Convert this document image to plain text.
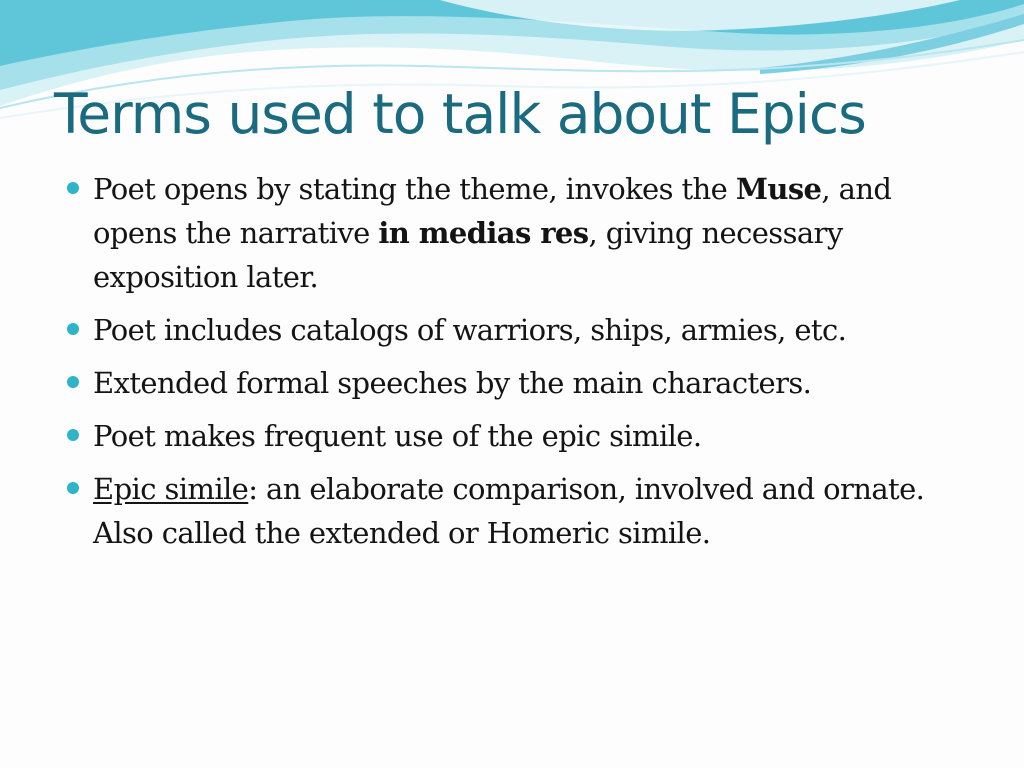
Terms used to talk about Epics
Poet opens by stating the theme, invokes the Muse, and opens the narrative in medias res, giving necessary exposition later.
Poet includes catalogs of warriors, ships, armies, etc.
Extended formal speeches by the main characters.
Poet makes frequent use of the epic simile.
Epic simile: an elaborate comparison, involved and ornate. Also called the extended or Homeric simile.
